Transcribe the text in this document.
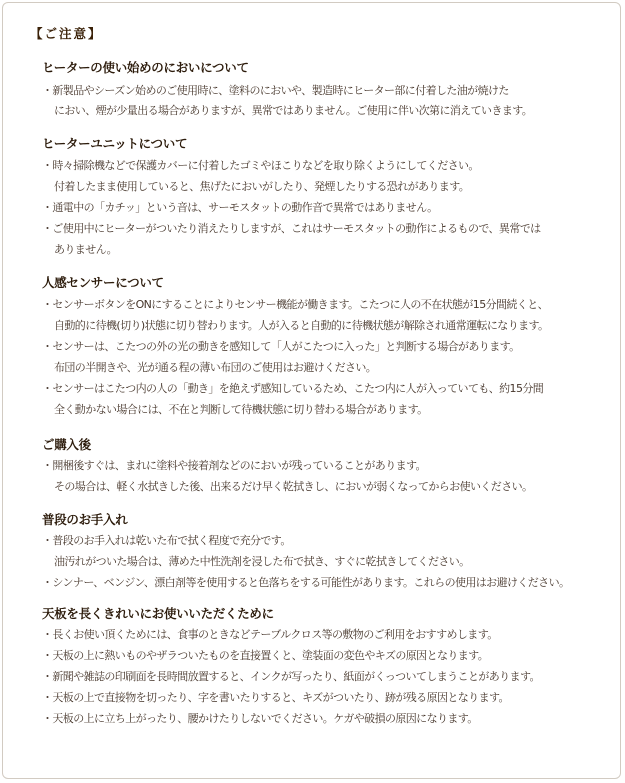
【ご注意】
ヒーターの使い始めのにおいについて
・新製品やシーズン始めのご使用時に、塗料のにおいや、製造時にヒーター部に付着した油が焼けた
におい、煙が少量出る場合がありますが、異常ではありません。ご使用に伴い次第に消えていきます。
ヒーターユニットについて
・時々掃除機などで保護カバーに付着したゴミやほこりなどを取り除くようにしてください。
付着したまま使用していると、焦げたにおいがしたり、発煙したりする恐れがあります。
・通電中の「カチッ」という音は、サーモスタットの動作音で異常ではありません。
・ご使用中にヒーターがついたり消えたりしますが、これはサーモスタットの動作によるもので、異常では
ありません。
人感センサーについて
・センサーボタンをONにすることによりセンサー機能が働きます。こたつに人の不在状態が15分間続くと、
自動的に待機(切り)状態に切り替わります。人が入ると自動的に待機状態が解除され通常運転になります。
・センサーは、こたつの外の光の動きを感知して「人がこたつに入った」と判断する場合があります。
布団の半開きや、光が通る程の薄い布団のご使用はお避けください。
・センサーはこたつ内の人の「動き」を絶えず感知しているため、こたつ内に人が入っていても、約15分間
全く動かない場合には、不在と判断して待機状態に切り替わる場合があります。
ご購入後
・開梱後すぐは、まれに塗料や接着剤などのにおいが残っていることがあります。
その場合は、軽く水拭きした後、出来るだけ早く乾拭きし、においが弱くなってからお使いください。
普段のお手入れ
・普段のお手入れは乾いた布で拭く程度で充分です。
油汚れがついた場合は、薄めた中性洗剤を浸した布で拭き、すぐに乾拭きしてください。
・シンナー、ベンジン、漂白剤等を使用すると色落ちをする可能性があります。これらの使用はお避けください。
天板を長くきれいにお使いいただくために
・長くお使い頂くためには、食事のときなどテーブルクロス等の敷物のご利用をおすすめします。
・天板の上に熱いものやザラついたものを直接置くと、塗装面の変色やキズの原因となります。
・新聞や雑誌の印刷面を長時間放置すると、インクが写ったり、紙面がくっついてしまうことがあります。
・天板の上で直接物を切ったり、字を書いたりすると、キズがついたり、跡が残る原因となります。
・天板の上に立ち上がったり、腰かけたりしないでください。ケガや破損の原因になります。
